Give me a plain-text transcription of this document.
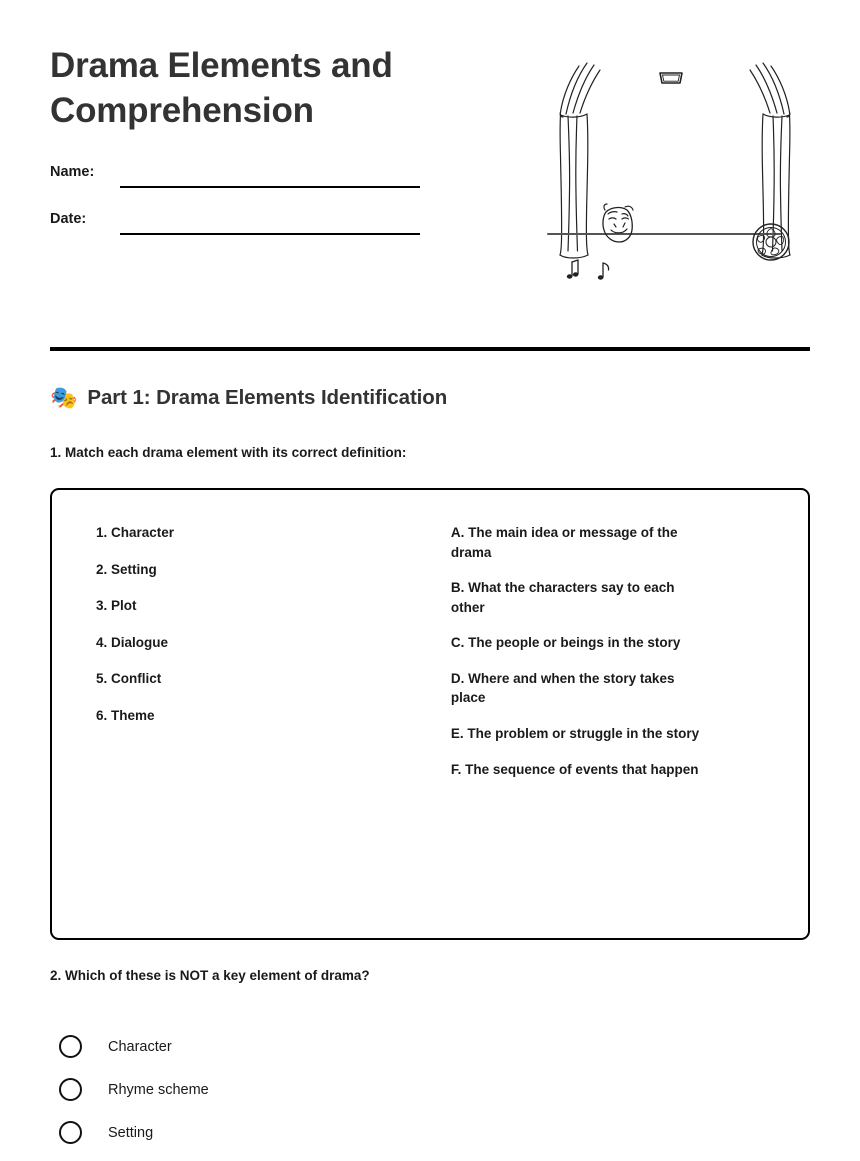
Drama Elements and Comprehension
Name:
Date:
🎭 Part 1: Drama Elements Identification
1. Match each drama element with its correct definition:
1. Character
2. Setting
3. Plot
4. Dialogue
5. Conflict
6. Theme
A. The main idea or message of the drama
B. What the characters say to each other
C. The people or beings in the story
D. Where and when the story takes place
E. The problem or struggle in the story
F. The sequence of events that happen
2. Which of these is NOT a key element of drama?
Character
Rhyme scheme
Setting
